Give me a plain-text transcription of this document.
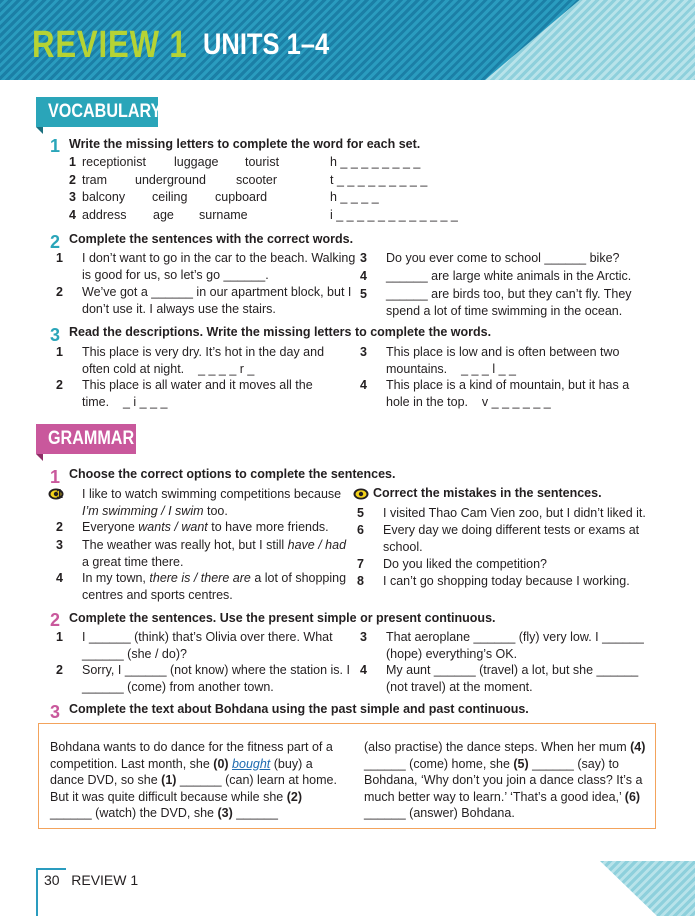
REVIEW 1 UNITS 1–4
VOCABULARY
1 Write the missing letters to complete the word for each set.
1 receptionist luggage tourist	h _ _ _ _ _ _ _ _
2 tram underground scooter	t _ _ _ _ _ _ _ _ _
3 balcony ceiling cupboard	h _ _ _ _
4 address age surname	i _ _ _ _ _ _ _ _ _ _ _ _
2 Complete the sentences with the correct words.
1 I don’t want to go in the car to the beach. Walking is good for us, so let’s go ______.
2 We’ve got a ______ in our apartment block, but I don’t use it. I always use the stairs.
3 Do you ever come to school ______ bike?
4 ______ are large white animals in the Arctic.
5 ______ are birds too, but they can’t fly. They spend a lot of time swimming in the ocean.
3 Read the descriptions. Write the missing letters to complete the words.
1 This place is very dry. It’s hot in the day and often cold at night. _ _ _ _ r _
2 This place is all water and it moves all the time. _ i _ _ _
3 This place is low and is often between two mountains. _ _ _ l _ _
4 This place is a kind of mountain, but it has a hole in the top. v _ _ _ _ _ _
GRAMMAR
1 Choose the correct options to complete the sentences.
1 I like to watch swimming competitions because I’m swimming / I swim too.
2 Everyone wants / want to have more friends.
3 The weather was really hot, but I still have / had a great time there.
4 In my town, there is / there are a lot of shopping centres and sports centres.
Correct the mistakes in the sentences.
5 I visited Thao Cam Vien zoo, but I didn’t liked it.
6 Every day we doing different tests or exams at school.
7 Do you liked the competition?
8 I can’t go shopping today because I working.
2 Complete the sentences. Use the present simple or present continuous.
1 I ______ (think) that’s Olivia over there. What ______ (she / do)?
2 Sorry, I ______ (not know) where the station is. I ______ (come) from another town.
3 That aeroplane ______ (fly) very low. I ______ (hope) everything’s OK.
4 My aunt ______ (travel) a lot, but she ______ (not travel) at the moment.
3 Complete the text about Bohdana using the past simple and past continuous.
Bohdana wants to do dance for the fitness part of a competition. Last month, she (0) bought (buy) a dance DVD, so she (1) ______ (can) learn at home. But it was quite difficult because while she (2) ______ (watch) the DVD, she (3) ______
(also practise) the dance steps. When her mum (4) ______ (come) home, she (5) ______ (say) to Bohdana, ‘Why don’t you join a dance class? It’s a much better way to learn.’ ‘That’s a good idea,’ (6) ______ (answer) Bohdana.
30 REVIEW 1
